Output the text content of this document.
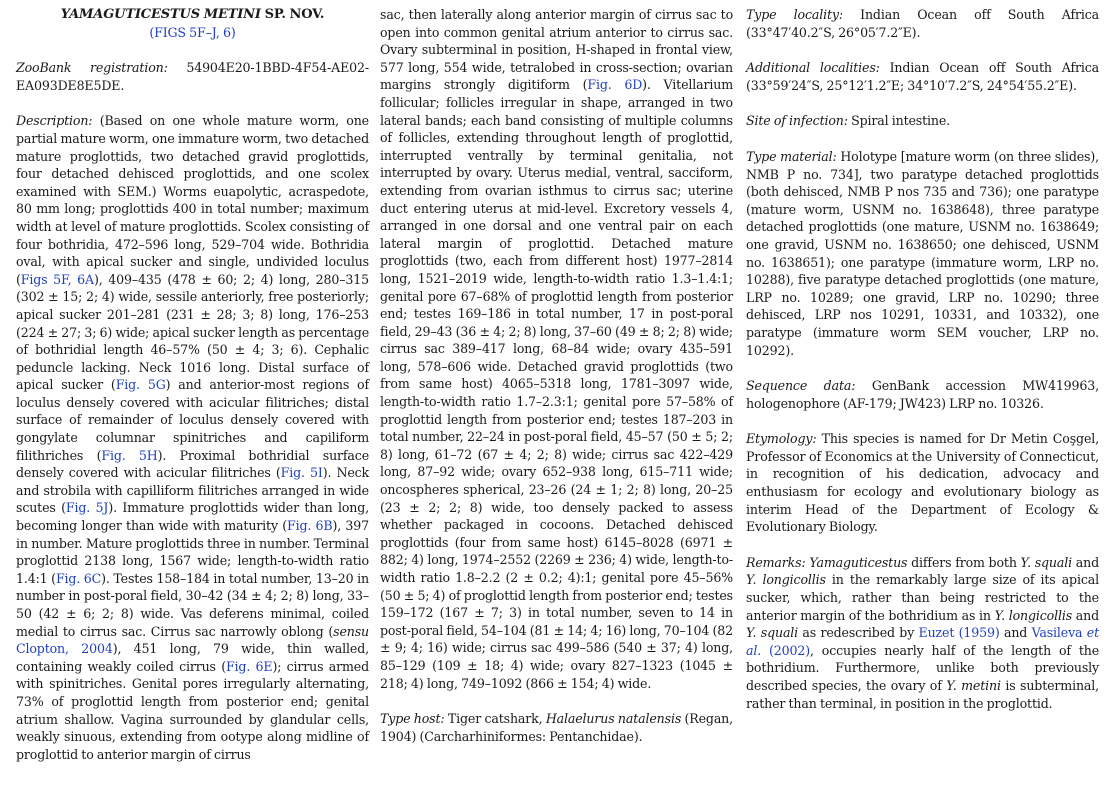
YAMAGUTICESTUS METINI SP. NOV.

(FIGS 5F–J, 6)

ZooBank registration: 54904E20-1BBD-4F54-AE02-EA093DE8E5DE.

Description: (Based on one whole mature worm, one partial mature worm, one immature worm, two detached mature proglottids, two detached gravid proglottids, four detached dehisced proglottids, and one scolex examined with SEM.) Worms euapolytic, acraspedote, 80 mm long; proglottids 400 in total number; maximum width at level of mature proglottids. Scolex consisting of four bothridia, 472–596 long, 529–704 wide. Bothridia oval, with apical sucker and single, undivided loculus (Figs 5F, 6A), 409–435 (478 ± 60; 2; 4) long, 280–315 (302 ± 15; 2; 4) wide, sessile anteriorly, free posteriorly; apical sucker 201–281 (231 ± 28; 3; 8) long, 176–253 (224 ± 27; 3; 6) wide; apical sucker length as percentage of bothridial length 46–57% (50 ± 4; 3; 6). Cephalic peduncle lacking. Neck 1016 long. Distal surface of apical sucker (Fig. 5G) and anterior-most regions of loculus densely covered with acicular filitriches; distal surface of remainder of loculus densely covered with gongylate columnar spinitriches and capiliform filithriches (Fig. 5H). Proximal bothridial surface densely covered with acicular filitriches (Fig. 5I). Neck and strobila with capilliform filitriches arranged in wide scutes (Fig. 5J). Immature proglottids wider than long, becoming longer than wide with maturity (Fig. 6B), 397 in number. Mature proglottids three in number. Terminal proglottid 2138 long, 1567 wide; length-to-width ratio 1.4:1 (Fig. 6C). Testes 158–184 in total number, 13–20 in number in post-poral field, 30–42 (34 ± 4; 2; 8) long, 33–50 (42 ± 6; 2; 8) wide. Vas deferens minimal, coiled medial to cirrus sac. Cirrus sac narrowly oblong (sensu Clopton, 2004), 451 long, 79 wide, thin walled, containing weakly coiled cirrus (Fig. 6E); cirrus armed with spinitriches. Genital pores irregularly alternating, 73% of proglottid length from posterior end; genital atrium shallow. Vagina surrounded by glandular cells, weakly sinuous, extending from ootype along midline of proglottid to anterior margin of cirrus

sac, then laterally along anterior margin of cirrus sac to open into common genital atrium anterior to cirrus sac. Ovary subterminal in position, H-shaped in frontal view, 577 long, 554 wide, tetralobed in cross-section; ovarian margins strongly digitiform (Fig. 6D). Vitellarium follicular; follicles irregular in shape, arranged in two lateral bands; each band consisting of multiple columns of follicles, extending throughout length of proglottid, interrupted ventrally by terminal genitalia, not interrupted by ovary. Uterus medial, ventral, sacciform, extending from ovarian isthmus to cirrus sac; uterine duct entering uterus at mid-level. Excretory vessels 4, arranged in one dorsal and one ventral pair on each lateral margin of proglottid. Detached mature proglottids (two, each from different host) 1977–2814 long, 1521–2019 wide, length-to-width ratio 1.3–1.4:1; genital pore 67–68% of proglottid length from posterior end; testes 169–186 in total number, 17 in post-poral field, 29–43 (36 ± 4; 2; 8) long, 37–60 (49 ± 8; 2; 8) wide; cirrus sac 389–417 long, 68–84 wide; ovary 435–591 long, 578–606 wide. Detached gravid proglottids (two from same host) 4065–5318 long, 1781–3097 wide, length-to-width ratio 1.7–2.3:1; genital pore 57–58% of proglottid length from posterior end; testes 187–203 in total number, 22–24 in post-poral field, 45–57 (50 ± 5; 2; 8) long, 61–72 (67 ± 4; 2; 8) wide; cirrus sac 422–429 long, 87–92 wide; ovary 652–938 long, 615–711 wide; oncospheres spherical, 23–26 (24 ± 1; 2; 8) long, 20–25 (23 ± 2; 2; 8) wide, too densely packed to assess whether packaged in cocoons. Detached dehisced proglottids (four from same host) 6145–8028 (6971 ± 882; 4) long, 1974–2552 (2269 ± 236; 4) wide, length-to-width ratio 1.8–2.2 (2 ± 0.2; 4):1; genital pore 45–56% (50 ± 5; 4) of proglottid length from posterior end; testes 159–172 (167 ± 7; 3) in total number, seven to 14 in post-poral field, 54–104 (81 ± 14; 4; 16) long, 70–104 (82 ± 9; 4; 16) wide; cirrus sac 499–586 (540 ± 37; 4) long, 85–129 (109 ± 18; 4) wide; ovary 827–1323 (1045 ± 218; 4) long, 749–1092 (866 ± 154; 4) wide.

Type host: Tiger catshark, Halaelurus natalensis (Regan, 1904) (Carcharhiniformes: Pentanchidae).

Type locality: Indian Ocean off South Africa (33°47′40.2″S, 26°05′7.2″E).

Additional localities: Indian Ocean off South Africa (33°59′24″S, 25°12′1.2″E; 34°10′7.2″S, 24°54′55.2″E).

Site of infection: Spiral intestine.

Type material: Holotype [mature worm (on three slides), NMB P no. 734], two paratype detached proglottids (both dehisced, NMB P nos 735 and 736); one paratype (mature worm, USNM no. 1638648), three paratype detached proglottids (one mature, USNM no. 1638649; one gravid, USNM no. 1638650; one dehisced, USNM no. 1638651); one paratype (immature worm, LRP no. 10288), five paratype detached proglottids (one mature, LRP no. 10289; one gravid, LRP no. 10290; three dehisced, LRP nos 10291, 10331, and 10332), one paratype (immature worm SEM voucher, LRP no. 10292).

Sequence data: GenBank accession MW419963, hologenophore (AF-179; JW423) LRP no. 10326.

Etymology: This species is named for Dr Metin Coşgel, Professor of Economics at the University of Connecticut, in recognition of his dedication, advocacy and enthusiasm for ecology and evolutionary biology as interim Head of the Department of Ecology & Evolutionary Biology.

Remarks: Yamaguticestus differs from both Y. squali and Y. longicollis in the remarkably large size of its apical sucker, which, rather than being restricted to the anterior margin of the bothridium as in Y. longicollis and Y. squali as redescribed by Euzet (1959) and Vasileva et al. (2002), occupies nearly half of the length of the bothridium. Furthermore, unlike both previously described species, the ovary of Y. metini is subterminal, rather than terminal, in position in the proglottid.
